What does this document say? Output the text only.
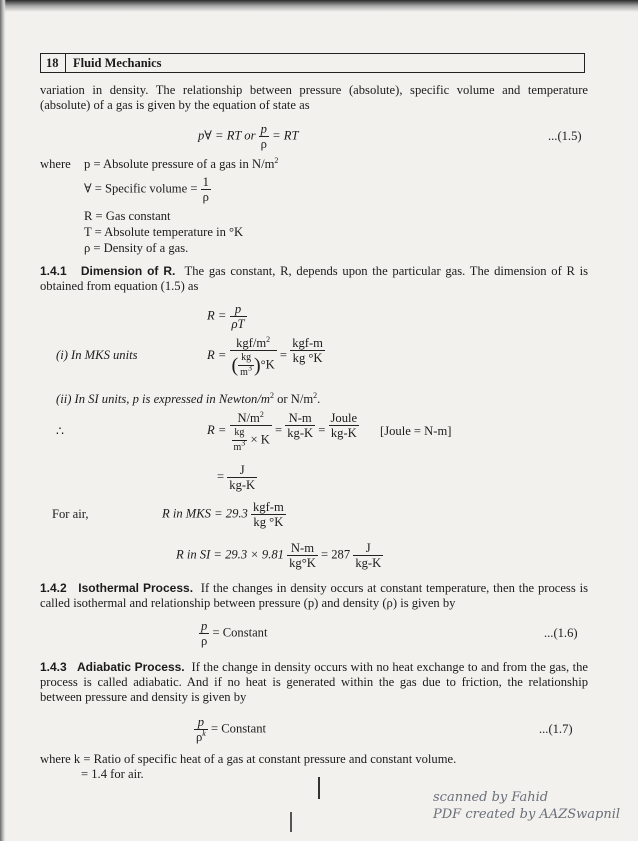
18 Fluid Mechanics
variation in density. The relationship between pressure (absolute), specific volume and temperature (absolute) of a gas is given by the equation of state as
p∀ = RT or $\frac{p}{\rho}$ = RT	...(1.5)
where p = Absolute pressure of a gas in $N/m^2$
∀ = Specific volume = $\frac{1}{\rho}$
R = Gas constant
T = Absolute temperature in °K
ρ = Density of a gas.
1.4.1 Dimension of R. The gas constant, R, depends upon the particular gas. The dimension of R is obtained from equation (1.5) as
$R = \frac{p}{\rho T}$
(i) In MKS units	$R = \frac{kgf/m^2}{( \frac{kg}{m^3} )^\circ K} = \frac{\text{kgf-m}}{kg ^\circ K}$
(ii) In SI units, p is expressed in Newton/$m^2$ or $N/m^2$.
∴	$R = \frac{N/m^2}{\frac{kg}{m^3} \times K} = \frac{N-m}{kg-K} = \frac{\text{Joule}}{kg-K}$ [Joule = N-m]
= $\frac{J}{kg-K}$
For air,	R in MKS = $29.3 \frac{\text{kgf-m}}{kg ^\circ K}$
R in SI = $29.3 \times 9.81 \frac{N-m}{kg^\circ K} = 287 \frac{J}{kg-K}$
1.4.2 Isothermal Process. If the changes in density occurs at constant temperature, then the process is called isothermal and relationship between pressure (p) and density (ρ) is given by
$\frac{p}{\rho}$ = Constant	...(1.6)
1.4.3 Adiabatic Process. If the change in density occurs with no heat exchange to and from the gas, the process is called adiabatic. And if no heat is generated within the gas due to friction, the relationship between pressure and density is given by
$\frac{p}{\rho^k}$ = Constant	...(1.7)
where k = Ratio of specific heat of a gas at constant pressure and constant volume.
= 1.4 for air.
scanned by Fahid
PDF created by AAZSwapnil
